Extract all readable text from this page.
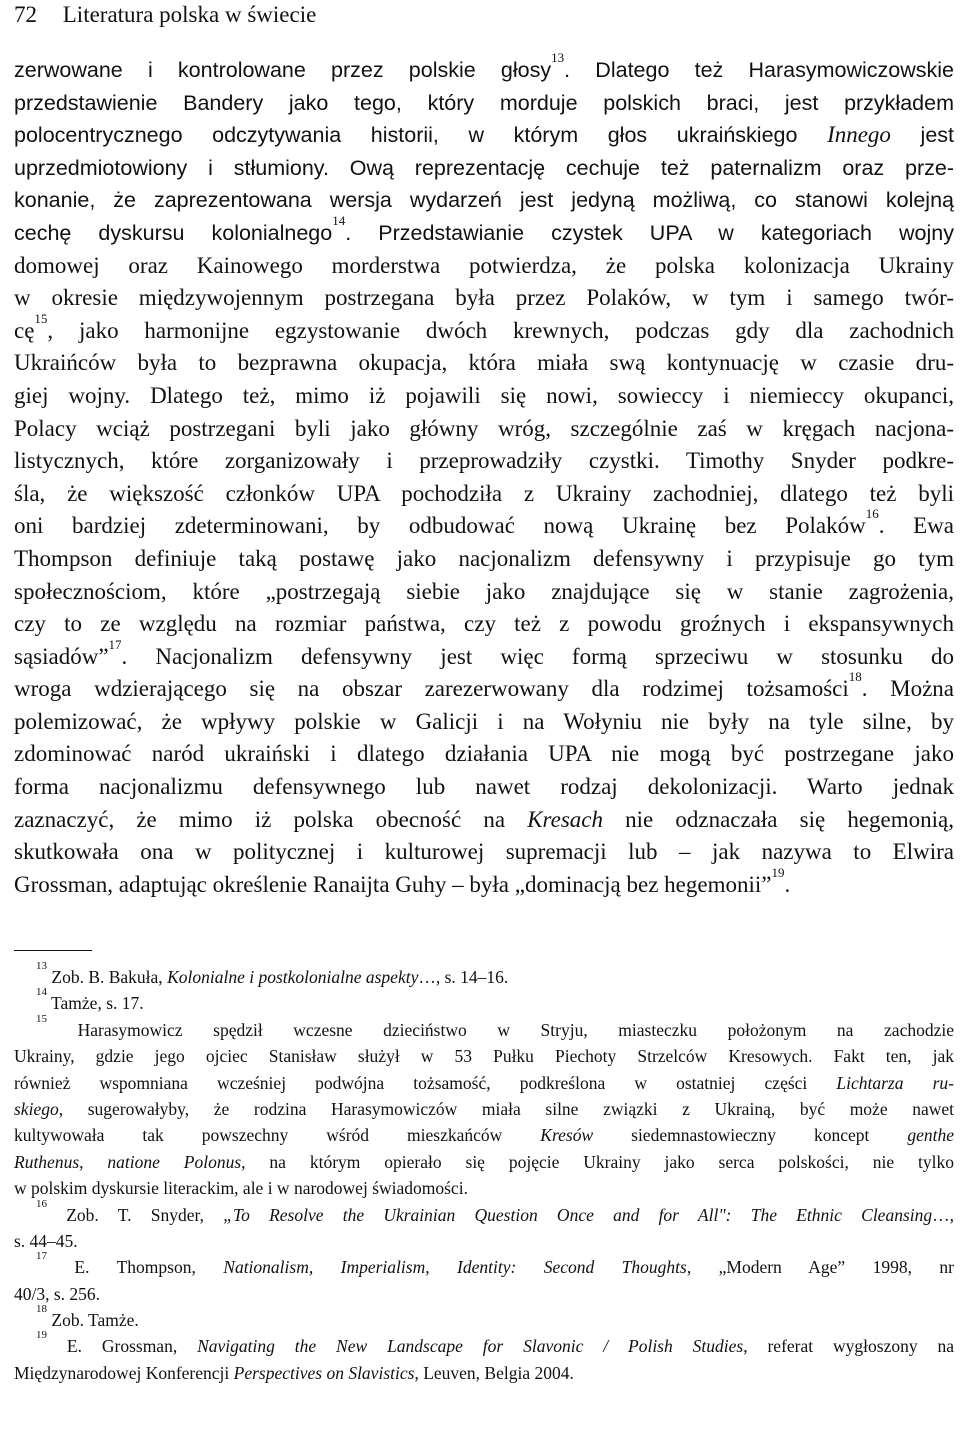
72 Literatura polska w świecie
zerwowane i kontrolowane przez polskie głosy$^{13}$. Dlatego też Harasymowiczowskie
przedstawienie Bandery jako tego, który morduje polskich braci, jest przykładem
polocentrycznego odczytywania historii, w którym głos ukraińskiego Innego jest
uprzedmiotowiony i stłumiony. Ową reprezentację cechuje też paternalizm oraz prze-
konanie, że zaprezentowana wersja wydarzeń jest jedyną możliwą, co stanowi kolejną
cechę dyskursu kolonialnego$^{14}$. Przedstawianie czystek UPA w kategoriach wojny
domowej oraz Kainowego morderstwa potwierdza, że polska kolonizacja Ukrainy
w okresie międzywojennym postrzegana była przez Polaków, w tym i samego twór-
$cę^{15}$, jako harmonijne egzystowanie dwóch krewnych, podczas gdy dla zachodnich
Ukraińców była to bezprawna okupacja, która miała swą kontynuację w czasie dru-
giej wojny. Dlatego też, mimo iż pojawili się nowi, sowieccy i niemieccy okupanci,
Polacy wciąż postrzegani byli jako główny wróg, szczególnie zaś w kręgach nacjona-
listycznych, które zorganizowały i przeprowadziły czystki. Timothy Snyder podkre-
śla, że większość członków UPA pochodziła z Ukrainy zachodniej, dlatego też byli
oni bardziej zdeterminowani, by odbudować nową Ukrainę bez Polaków$^{16}$. Ewa
Thompson definiuje taką postawę jako nacjonalizm defensywny i przypisuje go tym
społecznościom, które „postrzegają siebie jako znajdujące się w stanie zagrożenia,
czy to ze względu na rozmiar państwa, czy też z powodu groźnych i ekspansywnych
sąsiadów”$^{17}$. Nacjonalizm defensywny jest więc formą sprzeciwu w stosunku do
wroga wdzierającego się na obszar zarezerwowany dla rodzimej tożsamości$^{18}$. Można
polemizować, że wpływy polskie w Galicji i na Wołyniu nie były na tyle silne, by
zdominować naród ukraiński i dlatego działania UPA nie mogą być postrzegane jako
forma nacjonalizmu defensywnego lub nawet rodzaj dekolonizacji. Warto jednak
zaznaczyć, że mimo iż polska obecność na Kresach nie odznaczała się hegemonią,
skutkowała ona w politycznej i kulturowej supremacji lub – jak nazywa to Elwira
Grossman, adaptując określenie Ranaijta Guhy – była „dominacją bez hegemonii”$^{19}$.
$^{13}$ Zob. B. Bakuła, Kolonialne i postkolonialne aspekty…, s. 14–16.
$^{14}$ Tamże, s. 17.
$^{15}$ Harasymowicz spędził wczesne dzieciństwo w Stryju, miasteczku położonym na zachodzie
Ukrainy, gdzie jego ojciec Stanisław służył w 53 Pułku Piechoty Strzelców Kresowych. Fakt ten, jak
również wspomniana wcześniej podwójna tożsamość, podkreślona w ostatniej części Lichtarza ru-
skiego, sugerowałyby, że rodzina Harasymowiczów miała silne związki z Ukrainą, być może nawet
kultywowała tak powszechny wśród mieszkańców Kresów siedemnastowieczny koncept genthe
Ruthenus, natione Polonus, na którym opierało się pojęcie Ukrainy jako serca polskości, nie tylko
w polskim dyskursie literackim, ale i w narodowej świadomości.
$^{16}$ Zob. T. Snyder, „To Resolve the Ukrainian Question Once and for All": The Ethnic Cleansing…,
s. 44–45.
$^{17}$ E. Thompson, Nationalism, Imperialism, Identity: Second Thoughts, „Modern Age” 1998, nr
40/3, s. 256.
$^{18}$ Zob. Tamże.
$^{19}$ E. Grossman, Navigating the New Landscape for Slavonic / Polish Studies, referat wygłoszony na
Międzynarodowej Konferencji Perspectives on Slavistics, Leuven, Belgia 2004.
